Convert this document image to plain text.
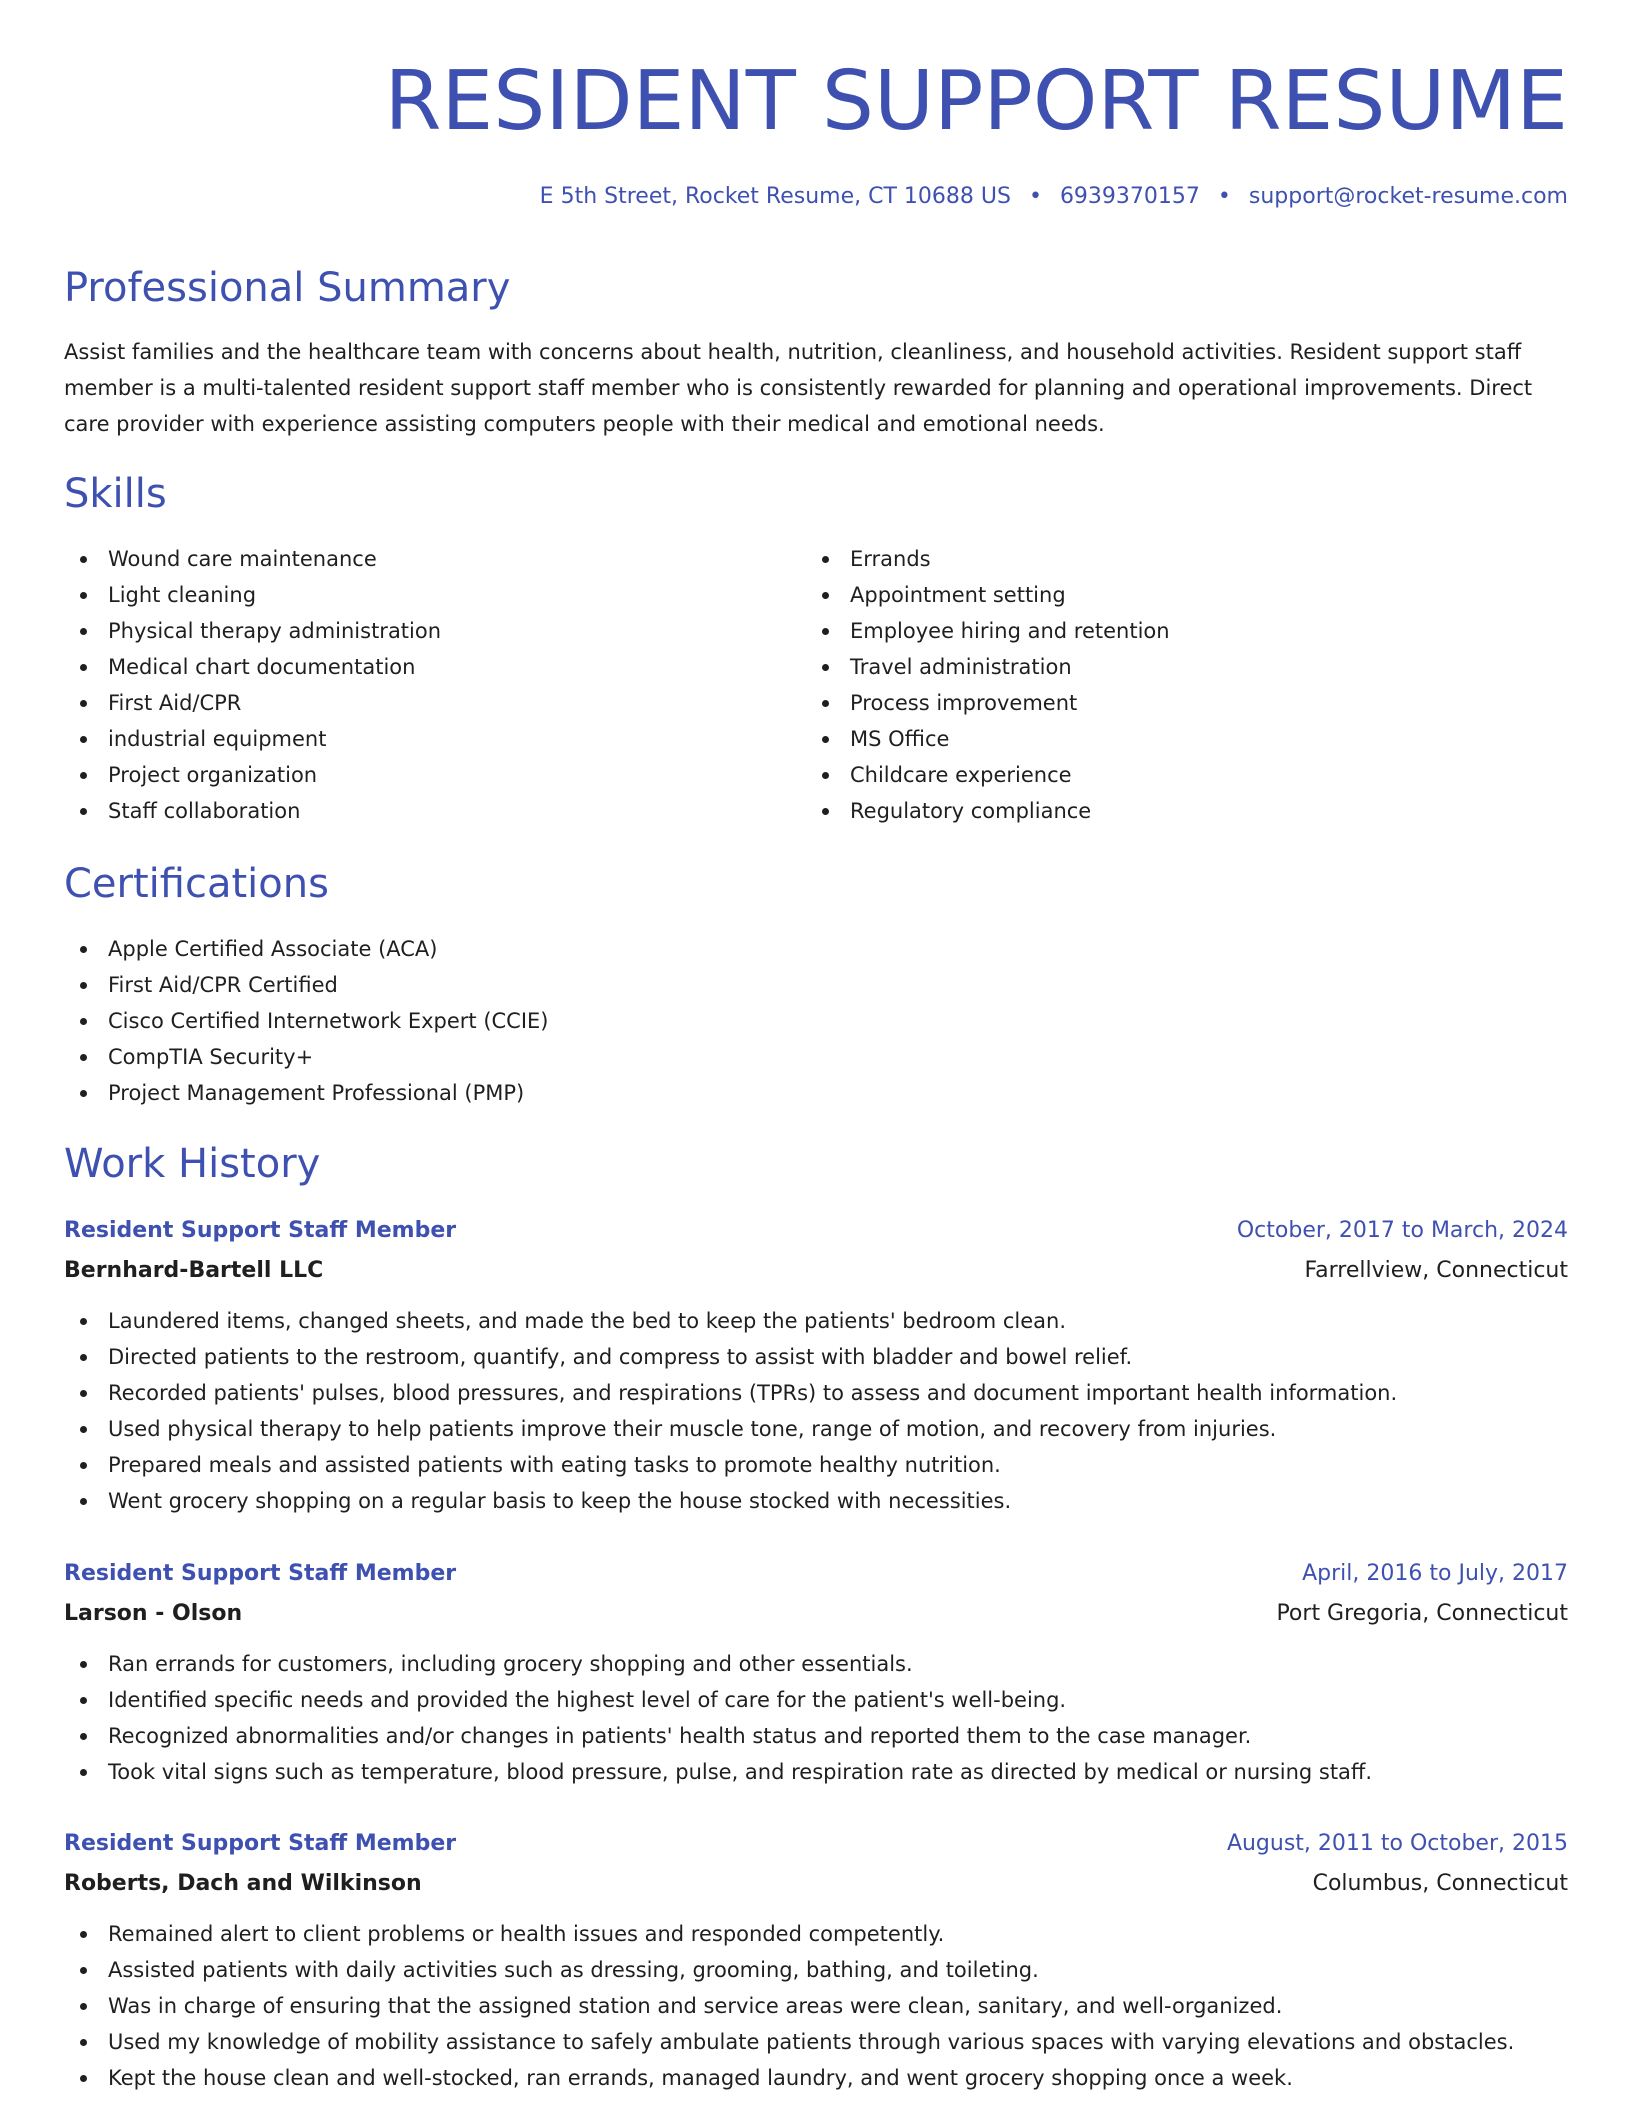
RESIDENT SUPPORT RESUME
E 5th Street, Rocket Resume, CT 10688 US • 6939370157 • support@rocket-resume.com
Professional Summary

Assist families and the healthcare team with concerns about health, nutrition, cleanliness, and household activities. Resident support staff member is a multi-talented resident support staff member who is consistently rewarded for planning and operational improvements. Direct care provider with experience assisting computers people with their medical and emotional needs.

Skills
Wound care maintenance
Light cleaning
Physical therapy administration
Medical chart documentation
First Aid/CPR
industrial equipment
Project organization
Staff collaboration
Errands
Appointment setting
Employee hiring and retention
Travel administration
Process improvement
MS Office
Childcare experience
Regulatory compliance
Certifications
Apple Certified Associate (ACA)
First Aid/CPR Certified
Cisco Certified Internetwork Expert (CCIE)
CompTIA Security+
Project Management Professional (PMP)
Work History
Resident Support Staff Member	October, 2017 to March, 2024
Bernhard-Bartell LLC	Farrellview, Connecticut
Laundered items, changed sheets, and made the bed to keep the patients' bedroom clean.
Directed patients to the restroom, quantify, and compress to assist with bladder and bowel relief.
Recorded patients' pulses, blood pressures, and respirations (TPRs) to assess and document important health information.
Used physical therapy to help patients improve their muscle tone, range of motion, and recovery from injuries.
Prepared meals and assisted patients with eating tasks to promote healthy nutrition.
Went grocery shopping on a regular basis to keep the house stocked with necessities.
Resident Support Staff Member	April, 2016 to July, 2017
Larson - Olson	Port Gregoria, Connecticut
Ran errands for customers, including grocery shopping and other essentials.
Identified specific needs and provided the highest level of care for the patient's well-being.
Recognized abnormalities and/or changes in patients' health status and reported them to the case manager.
Took vital signs such as temperature, blood pressure, pulse, and respiration rate as directed by medical or nursing staff.
Resident Support Staff Member	August, 2011 to October, 2015
Roberts, Dach and Wilkinson	Columbus, Connecticut
Remained alert to client problems or health issues and responded competently.
Assisted patients with daily activities such as dressing, grooming, bathing, and toileting.
Was in charge of ensuring that the assigned station and service areas were clean, sanitary, and well-organized.
Used my knowledge of mobility assistance to safely ambulate patients through various spaces with varying elevations and obstacles.
Kept the house clean and well-stocked, ran errands, managed laundry, and went grocery shopping once a week.
